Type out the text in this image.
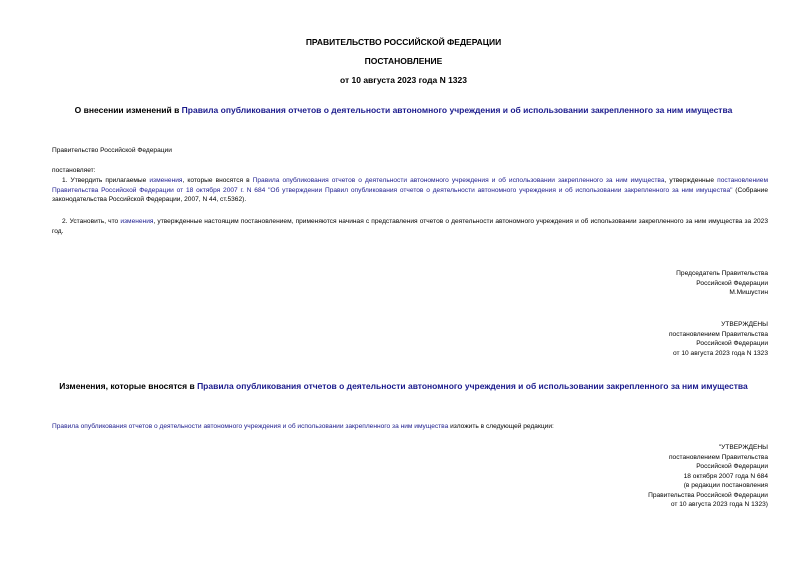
ПРАВИТЕЛЬСТВО РОССИЙСКОЙ ФЕДЕРАЦИИ
ПОСТАНОВЛЕНИЕ
от 10 августа 2023 года N 1323
О внесении изменений в Правила опубликования отчетов о деятельности автономного учреждения и об использовании закрепленного за ним имущества

Правительство Российской Федерации

постановляет:

1. Утвердить прилагаемые изменения, которые вносятся в Правила опубликования отчетов о деятельности автономного учреждения и об использовании закрепленного за ним имущества, утвержденные постановлением Правительства Российской Федерации от 18 октября 2007 г. N 684 "Об утверждении Правил опубликования отчетов о деятельности автономного учреждения и об использовании закрепленного за ним имущества" (Собрание законодательства Российской Федерации, 2007, N 44, ст.5362).

2. Установить, что изменения, утвержденные настоящим постановлением, применяются начиная с представления отчетов о деятельности автономного учреждения и об использовании закрепленного за ним имущества за 2023 год.

Председатель Правительства
Российской Федерации
М.Мишустин
УТВЕРЖДЕНЫ
постановлением Правительства
Российской Федерации
от 10 августа 2023 года N 1323
Изменения, которые вносятся в Правила опубликования отчетов о деятельности автономного учреждения и об использовании закрепленного за ним имущества

Правила опубликования отчетов о деятельности автономного учреждения и об использовании закрепленного за ним имущества изложить в следующей редакции:

"УТВЕРЖДЕНЫ
постановлением Правительства
Российской Федерации
18 октября 2007 года N 684
(в редакции постановления
Правительства Российской Федерации
от 10 августа 2023 года N 1323)
